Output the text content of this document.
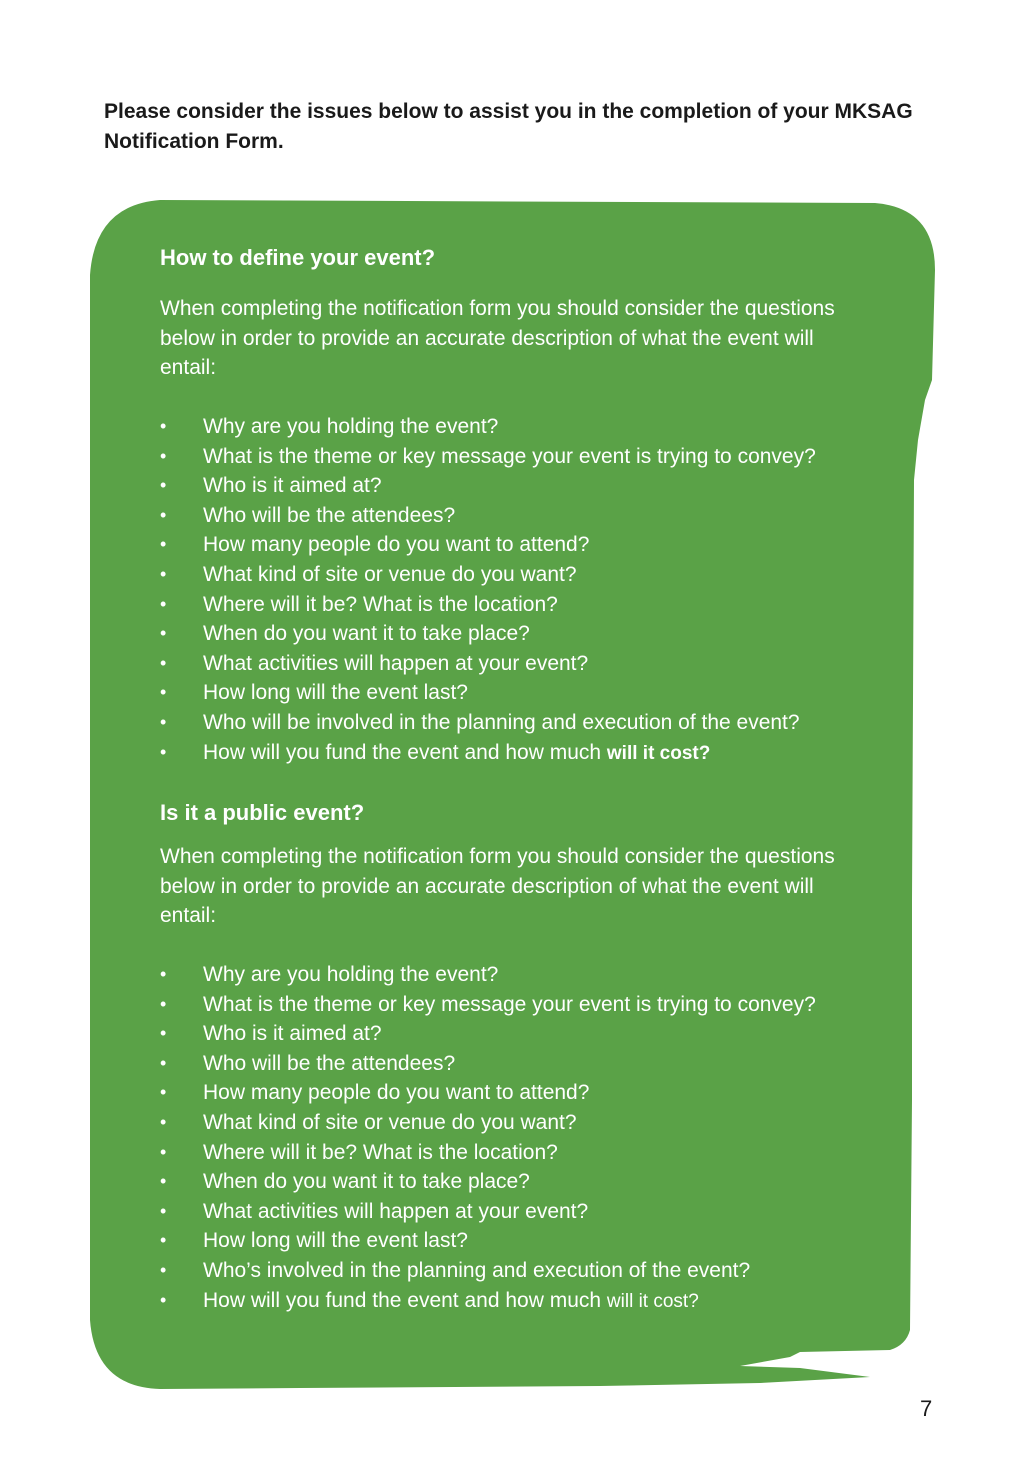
Please consider the issues below to assist you in the completion of your MKSAG Notification Form.

How to define your event?

When completing the notification form you should consider the questions below in order to provide an accurate description of what the event will entail:

• Why are you holding the event?
• What is the theme or key message your event is trying to convey?
• Who is it aimed at?
• Who will be the attendees?
• How many people do you want to attend?
• What kind of site or venue do you want?
• Where will it be? What is the location?
• When do you want it to take place?
• What activities will happen at your event?
• How long will the event last?
• Who will be involved in the planning and execution of the event?
• How will you fund the event and how much will it cost?
Is it a public event?

When completing the notification form you should consider the questions below in order to provide an accurate description of what the event will entail:

• Why are you holding the event?
• What is the theme or key message your event is trying to convey?
• Who is it aimed at?
• Who will be the attendees?
• How many people do you want to attend?
• What kind of site or venue do you want?
• Where will it be? What is the location?
• When do you want it to take place?
• What activities will happen at your event?
• How long will the event last?
• Who’s involved in the planning and execution of the event?
• How will you fund the event and how much will it cost?
7
